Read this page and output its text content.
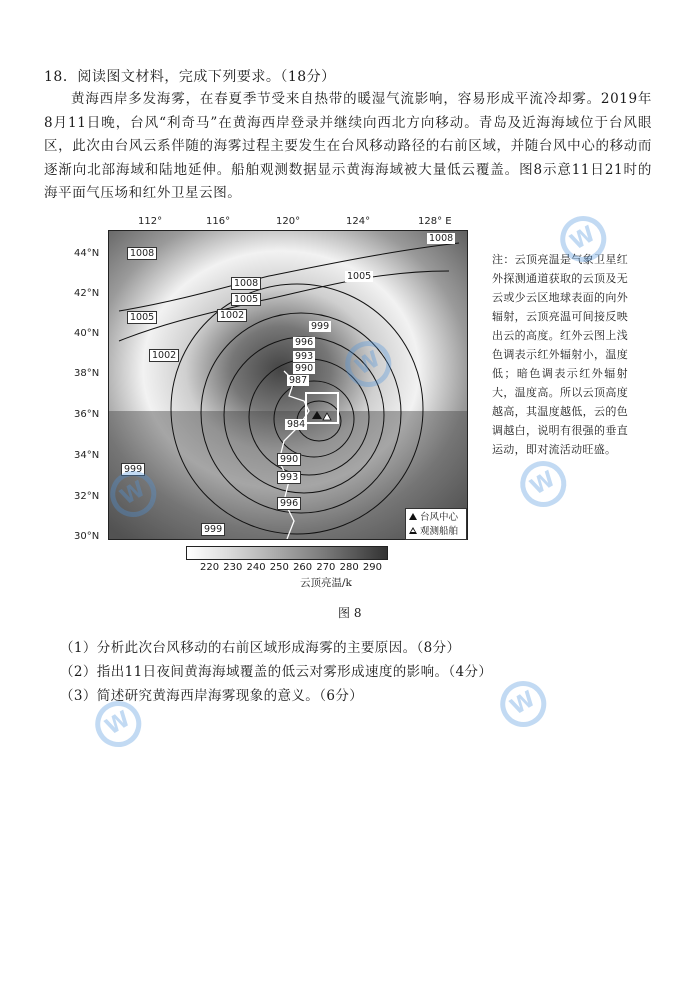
18．阅读图文材料，完成下列要求。（18分）
黄海西岸多发海雾，在春夏季节受来自热带的暖湿气流影响，容易形成平流冷却雾。2019年8月11日晚，台风“利奇马”在黄海西岸登录并继续向西北方向移动。青岛及近海海域位于台风眼区，此次由台风云系伴随的海雾过程主要发生在台风移动路径的右前区域，并随台风中心的移动而逐渐向北部海域和陆地延伸。船舶观测数据显示黄海海域被大量低云覆盖。图8示意11日21时的海平面气压场和红外卫星云图。
112°	116°	120°	124°	128° E
44°N
42°N
40°N
38°N
36°N
34°N
32°N
30°N
1008
1008
1005
1005
1008
1002
1005
1002
999
996
993
990
987
984
990
993
996
999
999
台风中心
观测船舶
220 230 240 250 260 270 280 290
云顶亮温/k
图 8
注：云顶亮温是气象卫星红外探测通道获取的云顶及无云或少云区地球表面的向外辐射，云顶亮温可间接反映出云的高度。红外云图上浅色调表示红外辐射小，温度低；暗色调表示红外辐射大，温度高。所以云顶高度越高，其温度越低，云的色调越白，说明有很强的垂直运动，即对流活动旺盛。
（1）分析此次台风移动的右前区域形成海雾的主要原因。（8分）
（2）指出11日夜间黄海海域覆盖的低云对雾形成速度的影响。（4分）
（3）简述研究黄海西岸海雾现象的意义。（6分）
W
W
W	W
W
W
